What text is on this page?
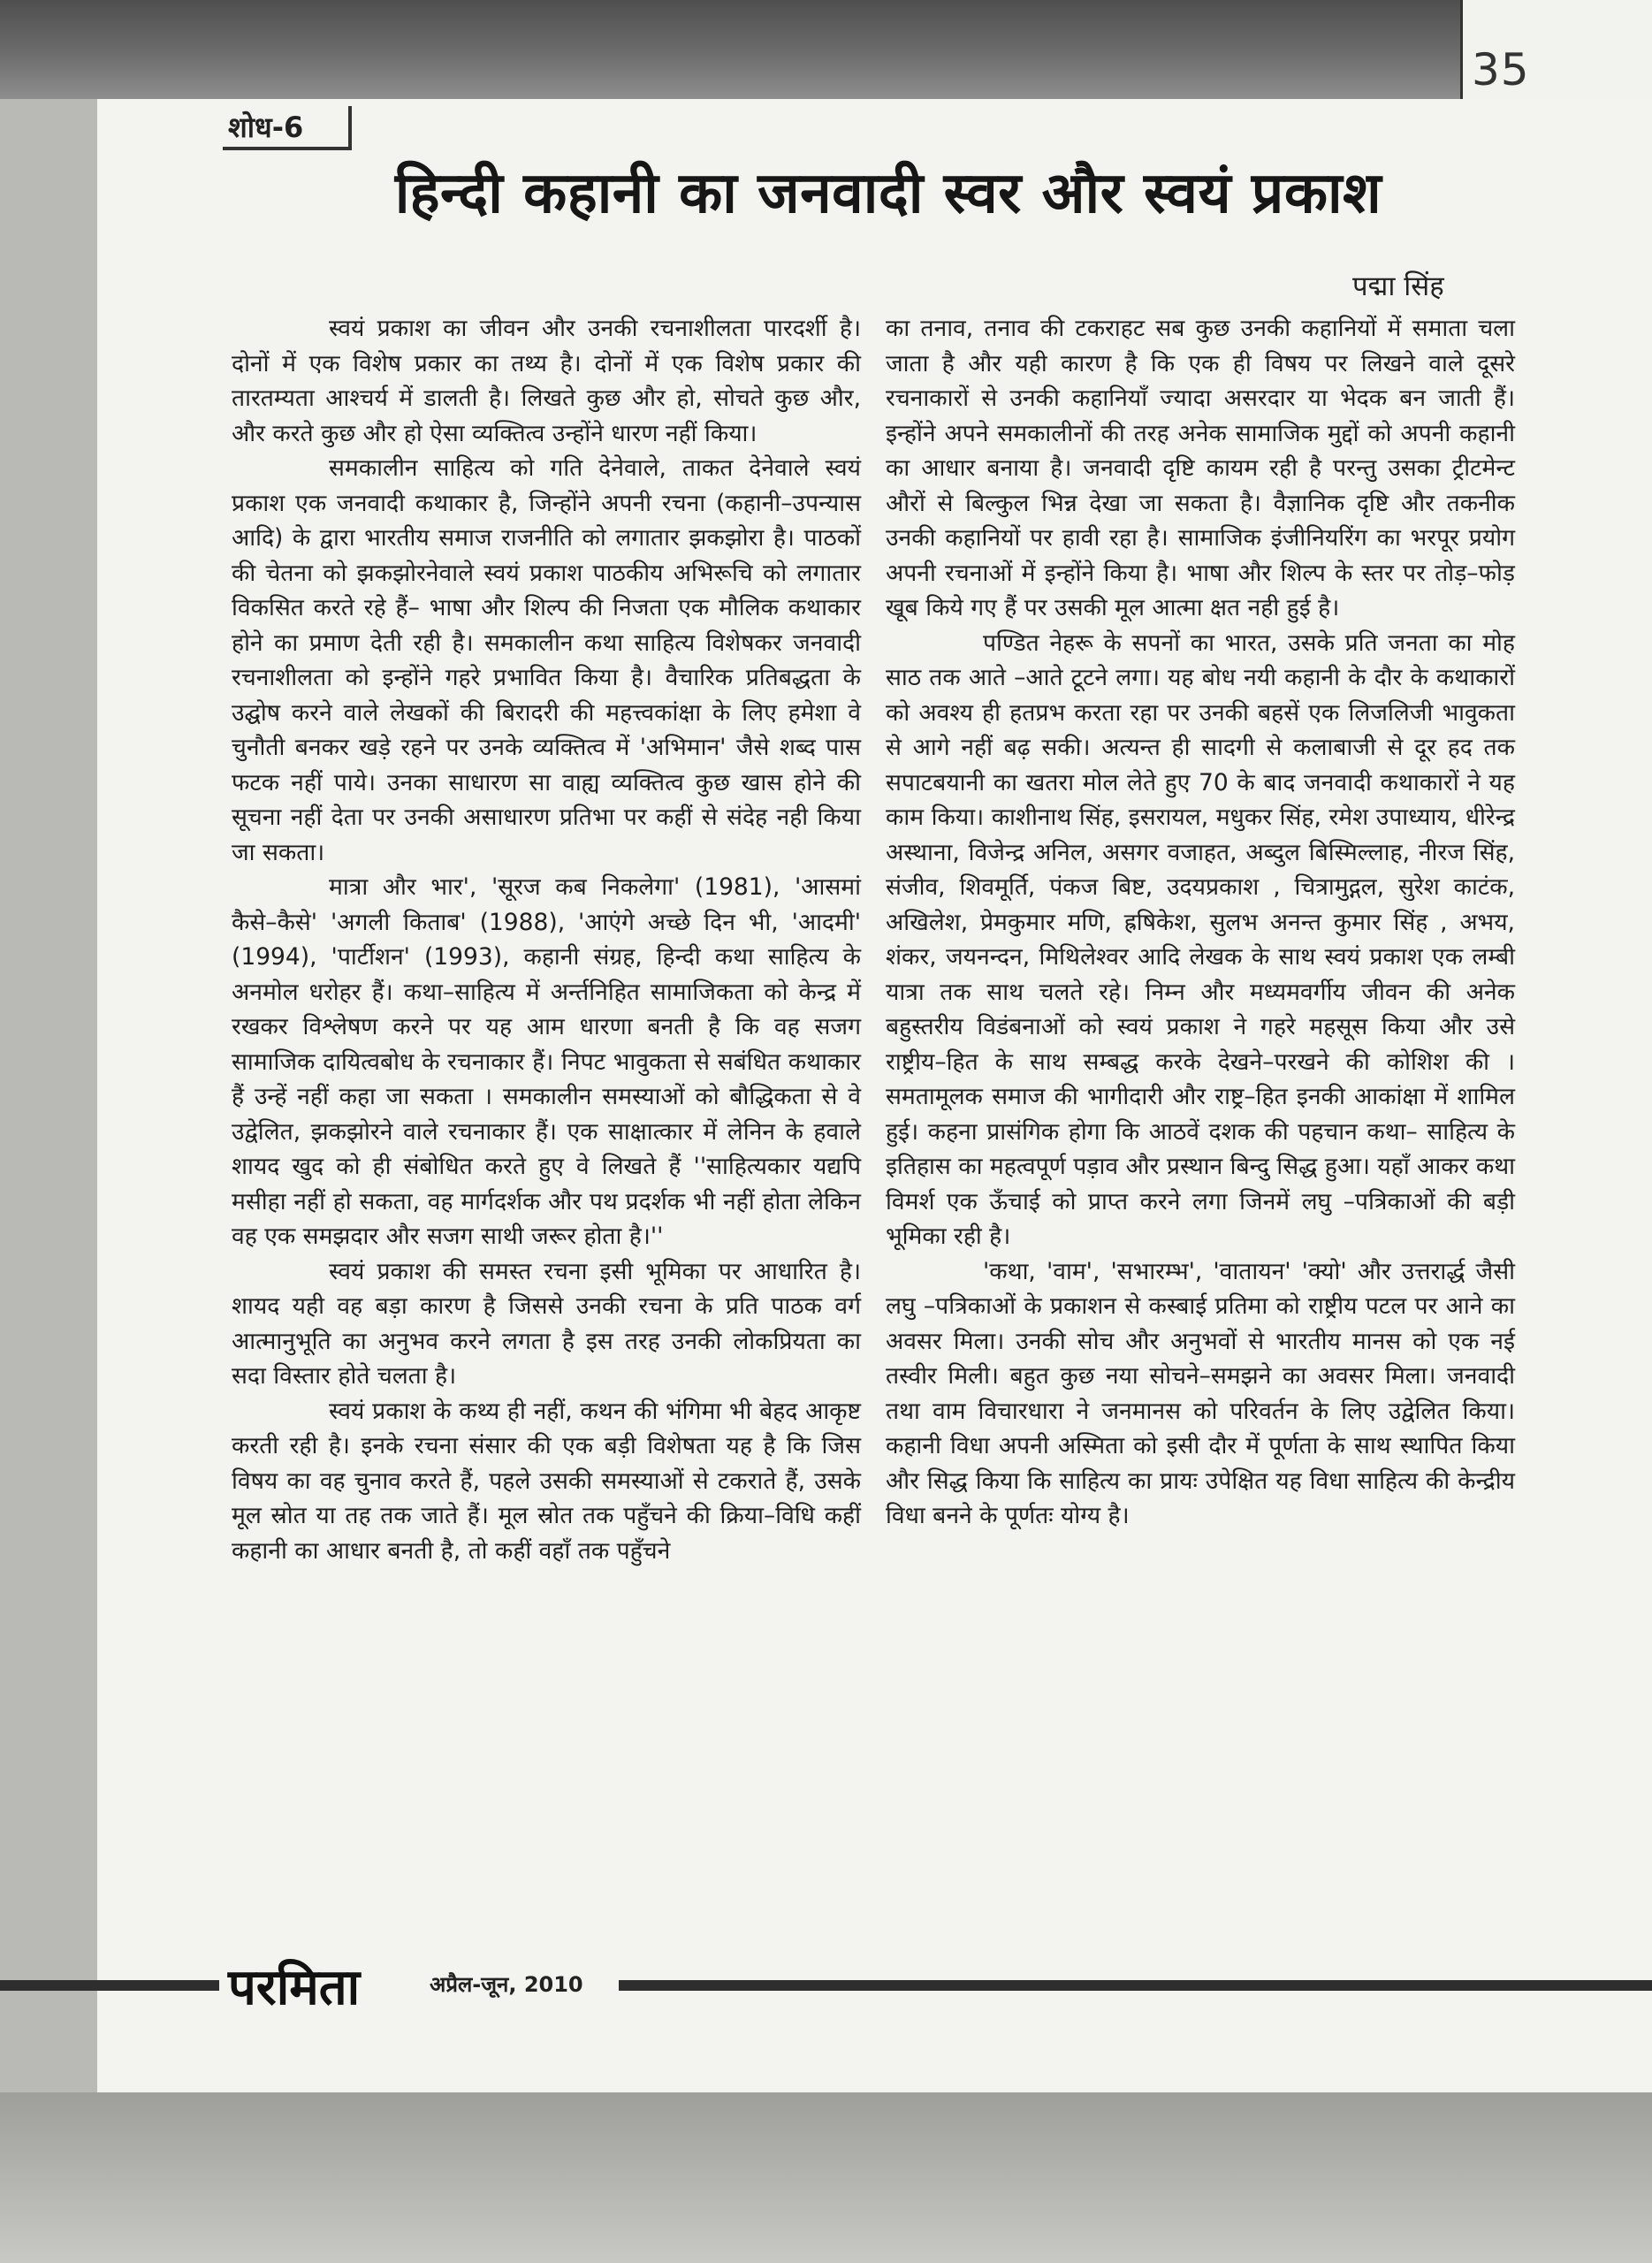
35
शोध-6
हिन्दी कहानी का जनवादी स्वर और स्वयं प्रकाश
पद्मा सिंह

स्वयं प्रकाश का जीवन और उनकी रचनाशीलता पारदर्शी है। दोनों में एक विशेष प्रकार का तथ्य है। दोनों में एक विशेष प्रकार की तारतम्यता आश्चर्य में डालती है। लिखते कुछ और हो, सोचते कुछ और, और करते कुछ और हो ऐसा व्यक्तित्व उन्होंने धारण नहीं किया।

समकालीन साहित्य को गति देनेवाले, ताकत देनेवाले स्वयं प्रकाश एक जनवादी कथाकार है, जिन्होंने अपनी रचना (कहानी–उपन्यास आदि) के द्वारा भारतीय समाज राजनीति को लगातार झकझोरा है। पाठकों की चेतना को झकझोरनेवाले स्वयं प्रकाश पाठकीय अभिरूचि को लगातार विकसित करते रहे हैं– भाषा और शिल्प की निजता एक मौलिक कथाकार होने का प्रमाण देती रही है। समकालीन कथा साहित्य विशेषकर जनवादी रचनाशीलता को इन्होंने गहरे प्रभावित किया है। वैचारिक प्रतिबद्धता के उद्घोष करने वाले लेखकों की बिरादरी की महत्त्वकांक्षा के लिए हमेशा वे चुनौती बनकर खड़े रहने पर उनके व्यक्तित्व में 'अभिमान' जैसे शब्द पास फटक नहीं पाये। उनका साधारण सा वाह्य व्यक्तित्व कुछ खास होने की सूचना नहीं देता पर उनकी असाधारण प्रतिभा पर कहीं से संदेह नही किया जा सकता।

मात्रा और भार', 'सूरज कब निकलेगा' (1981), 'आसमां कैसे–कैसे' 'अगली किताब' (1988), 'आएंगे अच्छे दिन भी, 'आदमी' (1994), 'पार्टीशन' (1993), कहानी संग्रह, हिन्दी कथा साहित्य के अनमोल धरोहर हैं। कथा–साहित्य में अर्न्तनिहित सामाजिकता को केन्द्र में रखकर विश्लेषण करने पर यह आम धारणा बनती है कि वह सजग सामाजिक दायित्वबोध के रचनाकार हैं। निपट भावुकता से सबंधित कथाकार हैं उन्हें नहीं कहा जा सकता । समकालीन समस्याओं को बौद्धिकता से वे उद्वेलित, झकझोरने वाले रचनाकार हैं। एक साक्षात्कार में लेनिन के हवाले शायद खुद को ही संबोधित करते हुए वे लिखते हैं ''साहित्यकार यद्यपि मसीहा नहीं हो सकता, वह मार्गदर्शक और पथ प्रदर्शक भी नहीं होता लेकिन वह एक समझदार और सजग साथी जरूर होता है।''

स्वयं प्रकाश की समस्त रचना इसी भूमिका पर आधारित है। शायद यही वह बड़ा कारण है जिससे उनकी रचना के प्रति पाठक वर्ग आत्मानुभूति का अनुभव करने लगता है इस तरह उनकी लोकप्रियता का सदा विस्तार होते चलता है।

स्वयं प्रकाश के कथ्य ही नहीं, कथन की भंगिमा भी बेहद आकृष्ट करती रही है। इनके रचना संसार की एक बड़ी विशेषता यह है कि जिस विषय का वह चुनाव करते हैं, पहले उसकी समस्याओं से टकराते हैं, उसके मूल स्रोत या तह तक जाते हैं। मूल स्रोत तक पहुँचने की क्रिया–विधि कहीं कहानी का आधार बनती है, तो कहीं वहाँ तक पहुँचने

का तनाव, तनाव की टकराहट सब कुछ उनकी कहानियों में समाता चला जाता है और यही कारण है कि एक ही विषय पर लिखने वाले दूसरे रचनाकारों से उनकी कहानियाँ ज्यादा असरदार या भेदक बन जाती हैं। इन्होंने अपने समकालीनों की तरह अनेक सामाजिक मुद्दों को अपनी कहानी का आधार बनाया है। जनवादी दृष्टि कायम रही है परन्तु उसका ट्रीटमेन्ट औरों से बिल्कुल भिन्न देखा जा सकता है। वैज्ञानिक दृष्टि और तकनीक उनकी कहानियों पर हावी रहा है। सामाजिक इंजीनियरिंग का भरपूर प्रयोग अपनी रचनाओं में इन्होंने किया है। भाषा और शिल्प के स्तर पर तोड़–फोड़ खूब किये गए हैं पर उसकी मूल आत्मा क्षत नही हुई है।

पण्डित नेहरू के सपनों का भारत, उसके प्रति जनता का मोह साठ तक आते –आते टूटने लगा। यह बोध नयी कहानी के दौर के कथाकारों को अवश्य ही हतप्रभ करता रहा पर उनकी बहसें एक लिजलिजी भावुकता से आगे नहीं बढ़ सकी। अत्यन्त ही सादगी से कलाबाजी से दूर हद तक सपाटबयानी का खतरा मोल लेते हुए 70 के बाद जनवादी कथाकारों ने यह काम किया। काशीनाथ सिंह, इसरायल, मधुकर सिंह, रमेश उपाध्याय, धीरेन्द्र अस्थाना, विजेन्द्र अनिल, असगर वजाहत, अब्दुल बिस्मिल्लाह, नीरज सिंह, संजीव, शिवमूर्ति, पंकज बिष्ट, उदयप्रकाश , चित्रामुद्गल, सुरेश काटंक, अखिलेश, प्रेमकुमार मणि, ह्रषिकेश, सुलभ अनन्त कुमार सिंह , अभय, शंकर, जयनन्दन, मिथिलेश्वर आदि लेखक के साथ स्वयं प्रकाश एक लम्बी यात्रा तक साथ चलते रहे। निम्न और मध्यमवर्गीय जीवन की अनेक बहुस्तरीय विडंबनाओं को स्वयं प्रकाश ने गहरे महसूस किया और उसे राष्ट्रीय–हित के साथ सम्बद्ध करके देखने–परखने की कोशिश की । समतामूलक समाज की भागीदारी और राष्ट्र–हित इनकी आकांक्षा में शामिल हुई। कहना प्रासंगिक होगा कि आठवें दशक की पहचान कथा– साहित्य के इतिहास का महत्वपूर्ण पड़ाव और प्रस्थान बिन्दु सिद्ध हुआ। यहाँ आकर कथा विमर्श एक ऊँचाई को प्राप्त करने लगा जिनमें लघु –पत्रिकाओं की बड़ी भूमिका रही है।

'कथा, 'वाम', 'सभारम्भ', 'वातायन' 'क्यो' और उत्तरार्द्ध जैसी लघु –पत्रिकाओं के प्रकाशन से कस्बाई प्रतिमा को राष्ट्रीय पटल पर आने का अवसर मिला। उनकी सोच और अनुभवों से भारतीय मानस को एक नई तस्वीर मिली। बहुत कुछ नया सोचने–समझने का अवसर मिला। जनवादी तथा वाम विचारधारा ने जनमानस को परिवर्तन के लिए उद्वेलित किया। कहानी विधा अपनी अस्मिता को इसी दौर में पूर्णता के साथ स्थापित किया और सिद्ध किया कि साहित्य का प्रायः उपेक्षित यह विधा साहित्य की केन्द्रीय विधा बनने के पूर्णतः योग्य है।

परमिता	अप्रैल-जून, 2010
